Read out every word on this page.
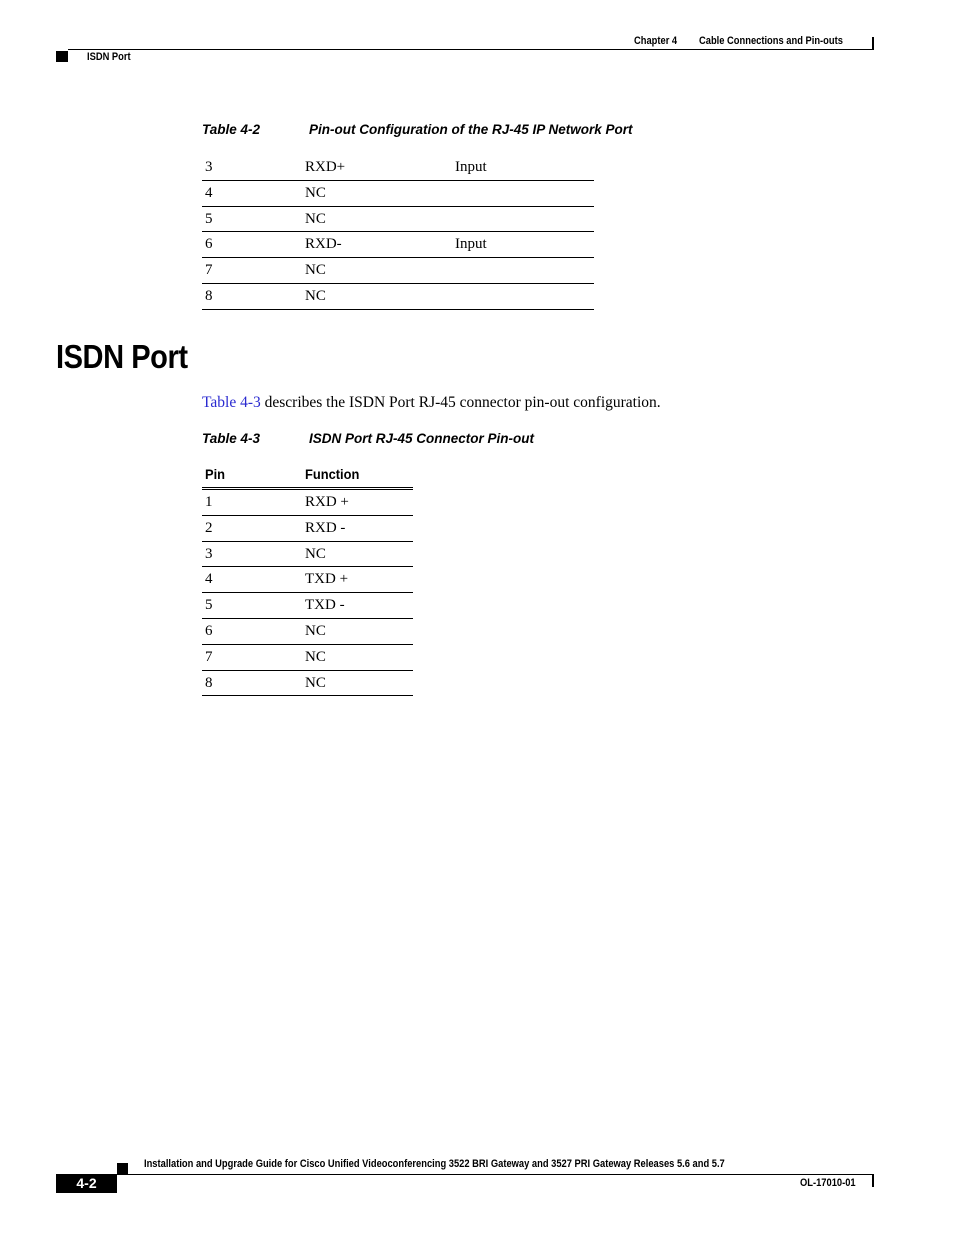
Chapter 4 Cable Connections and Pin-outs
ISDN Port
Table 4-2	Pin-out Configuration of the RJ-45 IP Network Port
3	RXD+	Input
4	NC
5	NC
6	RXD-	Input
7	NC
8	NC
ISDN Port
Table 4-3 describes the ISDN Port RJ-45 connector pin-out configuration.
Table 4-3	ISDN Port RJ-45 Connector Pin-out
Pin	Function
1	RXD +
2	RXD -
3	NC
4	TXD +
5	TXD -
6	NC
7	NC
8	NC
Installation and Upgrade Guide for Cisco Unified Videoconferencing 3522 BRI Gateway and 3527 PRI Gateway Releases 5.6 and 5.7
4-2	OL-17010-01
